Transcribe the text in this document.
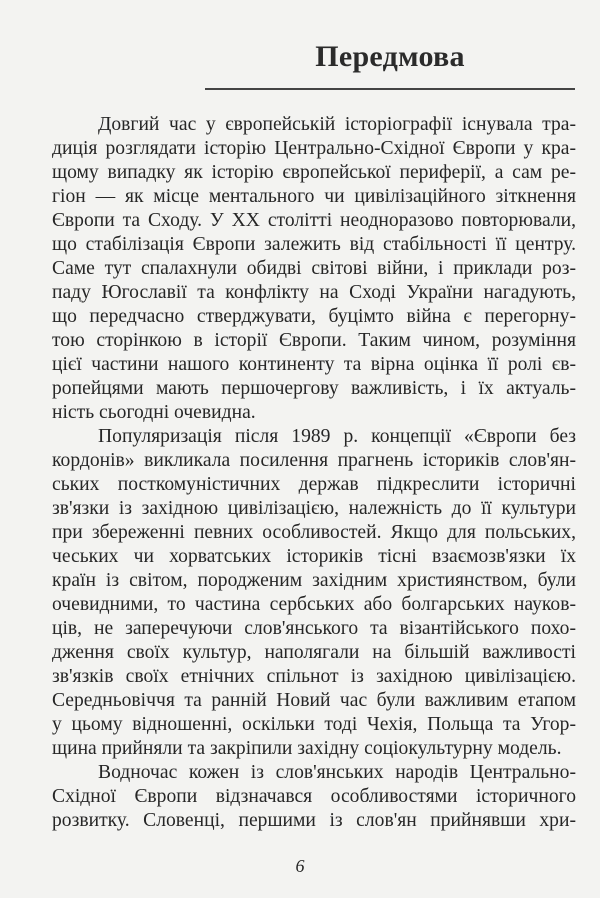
Передмова
Довгий час у європейській історіографії існувала тра-
диція розглядати історію Центрально-Східної Європи у кра-
щому випадку як історію європейської периферії, а сам ре-
гіон — як місце ментального чи цивілізаційного зіткнення
Європи та Сходу. У XX столітті неодноразово повторювали,
що стабілізація Європи залежить від стабільності її центру.
Саме тут спалахнули обидві світові війни, і приклади роз-
паду Югославії та конфлікту на Сході України нагадують,
що передчасно стверджувати, буцімто війна є перегорну-
тою сторінкою в історії Європи. Таким чином, розуміння
цієї частини нашого континенту та вірна оцінка її ролі єв-
ропейцями мають першочергову важливість, і їх актуаль-
ність сьогодні очевидна.
Популяризація після 1989 р. концепції «Європи без
кордонів» викликала посилення прагнень істориків слов'ян-
ських посткомуністичних держав підкреслити історичні
зв'язки із західною цивілізацією, належність до її культури
при збереженні певних особливостей. Якщо для польських,
чеських чи хорватських істориків тісні взаємозв'язки їх
країн із світом, породженим західним християнством, були
очевидними, то частина сербських або болгарських науков-
ців, не заперечуючи слов'янського та візантійського похо-
дження своїх культур, наполягали на більшій важливості
зв'язків своїх етнічних спільнот із західною цивілізацією.
Середньовіччя та ранній Новий час були важливим етапом
у цьому відношенні, оскільки тоді Чехія, Польща та Угор-
щина прийняли та закріпили західну соціокультурну модель.
Водночас кожен із слов'янських народів Центрально-
Східної Європи відзначався особливостями історичного
розвитку. Словенці, першими із слов'ян прийнявши хри-
6
